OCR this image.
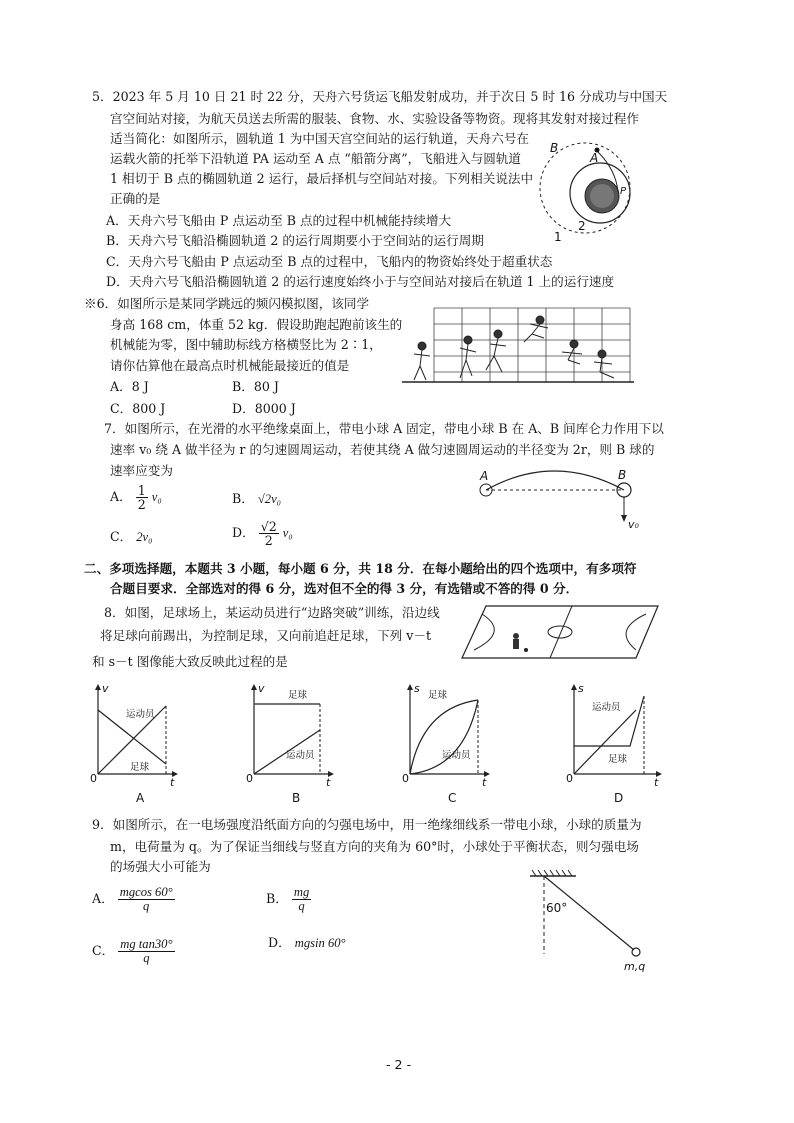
5．2023 年 5 月 10 日 21 时 22 分，天舟六号货运飞船发射成功，并于次日 5 时 16 分成功与中国天
宫空间站对接，为航天员送去所需的服装、食物、水、实验设备等物资。现将其发射对接过程作
适当简化：如图所示，圆轨道 1 为中国天宫空间站的运行轨道，天舟六号在
运载火箭的托举下沿轨道 PA 运动至 A 点 “船箭分离”，飞船进入与圆轨道
1 相切于 B 点的椭圆轨道 2 运行，最后择机与空间站对接。下列相关说法中
正确的是
A．天舟六号飞船由 P 点运动至 B 点的过程中机械能持续增大
B．天舟六号飞船沿椭圆轨道 2 的运行周期要小于空间站的运行周期
C．天舟六号飞船由 P 点运动至 B 点的过程中，飞船内的物资始终处于超重状态
D．天舟六号飞船沿椭圆轨道 2 的运行速度始终小于与空间站对接后在轨道 1 上的运行速度
B
A
P
1
2
※6．如图所示是某同学跳远的频闪模拟图，该同学
身高 168 cm，体重 52 kg．假设助跑起跑前该生的
机械能为零，图中辅助标线方格横竖比为 2∶1，
请你估算他在最高点时机械能最接近的值是
A．8 J	B．80 J
C．800 J	D．8000 J
7．如图所示，在光滑的水平绝缘桌面上，带电小球 A 固定，带电小球 B 在 A、B 间库仑力作用下以
速率 v₀ 绕 A 做半径为 r 的匀速圆周运动，若使其绕 A 做匀速圆周运动的半径变为 2r，则 B 球的
速率应变为
A． $\frac{1}{2} v_0$	B． √2v₀
C． 2v₀	D． $\frac{√2}{2} v_0$
A	B
v₀
二、多项选择题，本题共 3 小题，每小题 6 分，共 18 分．在每小题给出的四个选项中，有多项符
合题目要求．全部选对的得 6 分，选对但不全的得 3 分，有选错或不答的得 0 分．
8．如图，足球场上，某运动员进行“边路突破”训练，沿边线
将足球向前踢出，为控制足球，又向前追赶足球，下列 v－t
和 s－t 图像能大致反映此过程的是
v
t
0
运动员
足球
A
v
t
0
足球
运动员
B
s
t
0
足球
运动员
C
s
t
0
运动员
足球
D
9．如图所示，在一电场强度沿纸面方向的匀强电场中，用一绝缘细线系一带电小球，小球的质量为
m，电荷量为 q。为了保证当细线与竖直方向的夹角为 60°时，小球处于平衡状态，则匀强电场
的场强大小可能为
A． $\frac{mgcos 60^\circ}{q}$	B． $\frac{mg}{q}$
C． $\frac{\text{mg tan30°}}{q}$	D． mgsin 60°
60°
m,q
- 2 -
